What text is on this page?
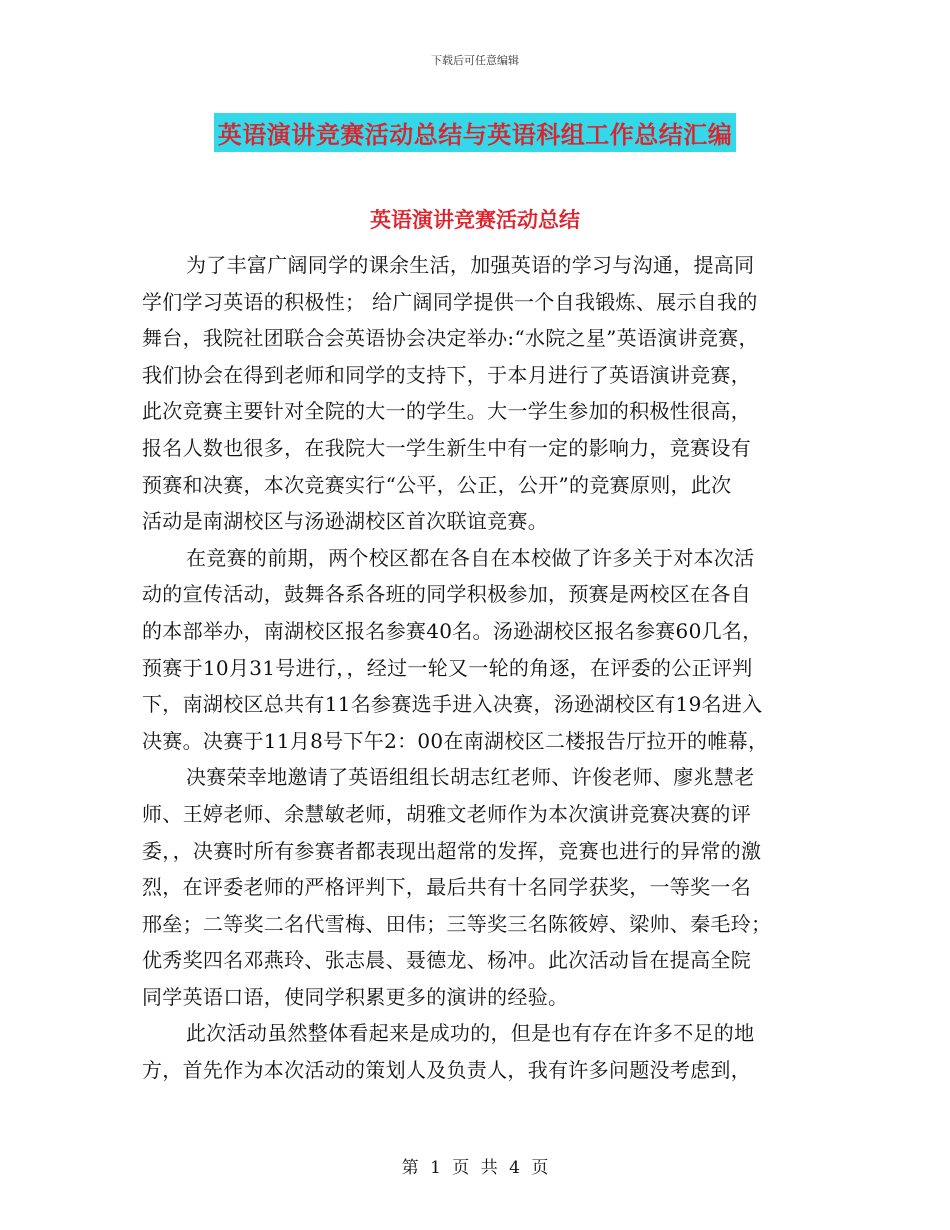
下载后可任意编辑
英语演讲竞赛活动总结与英语科组工作总结汇编
英语演讲竞赛活动总结
为了丰富广阔同学的课余生活，加强英语的学习与沟通，提高同
学们学习英语的积极性； 给广阔同学提供一个自我锻炼、展示自我的
舞台，我院社团联合会英语协会决定举办:“水院之星”英语演讲竞赛，
我们协会在得到老师和同学的支持下，于本月进行了英语演讲竞赛，
此次竞赛主要针对全院的大一的学生。大一学生参加的积极性很高，
报名人数也很多，在我院大一学生新生中有一定的影响力，竞赛设有
预赛和决赛，本次竞赛实行“公平，公正，公开”的竞赛原则，此次
活动是南湖校区与汤逊湖校区首次联谊竞赛。
在竞赛的前期，两个校区都在各自在本校做了许多关于对本次活
动的宣传活动，鼓舞各系各班的同学积极参加，预赛是两校区在各自
的本部举办，南湖校区报名参赛40名。汤逊湖校区报名参赛60几名，
预赛于10月31号进行，，经过一轮又一轮的角逐，在评委的公正评判
下，南湖校区总共有11名参赛选手进入决赛，汤逊湖校区有19名进入
决赛。决赛于11月8号下午2：00在南湖校区二楼报告厅拉开的帷幕，
决赛荣幸地邀请了英语组组长胡志红老师、许俊老师、廖兆慧老
师、王婷老师、余慧敏老师，胡雅文老师作为本次演讲竞赛决赛的评
委，，决赛时所有参赛者都表现出超常的发挥，竞赛也进行的异常的激
烈，在评委老师的严格评判下，最后共有十名同学获奖，一等奖一名
邢垒；二等奖二名代雪梅、田伟；三等奖三名陈筱婷、梁帅、秦毛玲；
优秀奖四名邓燕玲、张志晨、聂德龙、杨冲。此次活动旨在提高全院
同学英语口语，使同学积累更多的演讲的经验。
此次活动虽然整体看起来是成功的，但是也有存在许多不足的地
方，首先作为本次活动的策划人及负责人，我有许多问题没考虑到，
第 1 页 共 4 页
